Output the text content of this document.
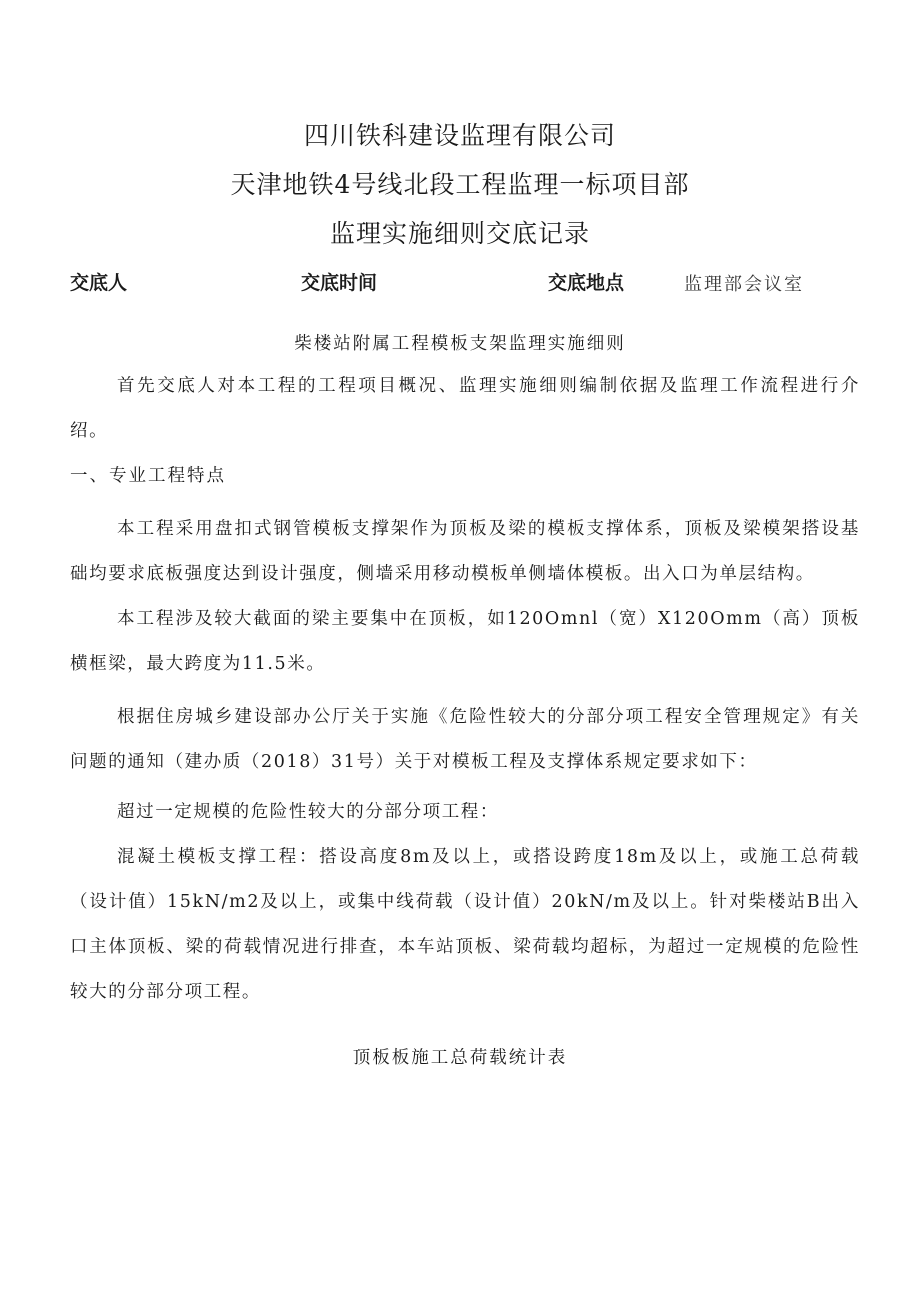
四川铁科建设监理有限公司
天津地铁4号线北段工程监理一标项目部
监理实施细则交底记录
交底人	交底时间	交底地点	监理部会议室
柴楼站附属工程模板支架监理实施细则

首先交底人对本工程的工程项目概况、监理实施细则编制依据及监理工作流程进行介绍。

一、专业工程特点

本工程采用盘扣式钢管模板支撑架作为顶板及梁的模板支撑体系，顶板及梁模架搭设基础均要求底板强度达到设计强度，侧墙采用移动模板单侧墙体模板。出入口为单层结构。

本工程涉及较大截面的梁主要集中在顶板，如120Omnl（宽）X120Omm（高）顶板横框梁，最大跨度为11.5米。

根据住房城乡建设部办公厅关于实施《危险性较大的分部分项工程安全管理规定》有关问题的通知（建办质（2018）31号）关于对模板工程及支撑体系规定要求如下：

超过一定规模的危险性较大的分部分项工程：

混凝土模板支撑工程：搭设高度8m及以上，或搭设跨度18m及以上，或施工总荷载（设计值）15kN/m2及以上，或集中线荷载（设计值）20kN/m及以上。针对柴楼站B出入口主体顶板、梁的荷载情况进行排查，本车站顶板、梁荷载均超标，为超过一定规模的危险性较大的分部分项工程。

顶板板施工总荷载统计表
